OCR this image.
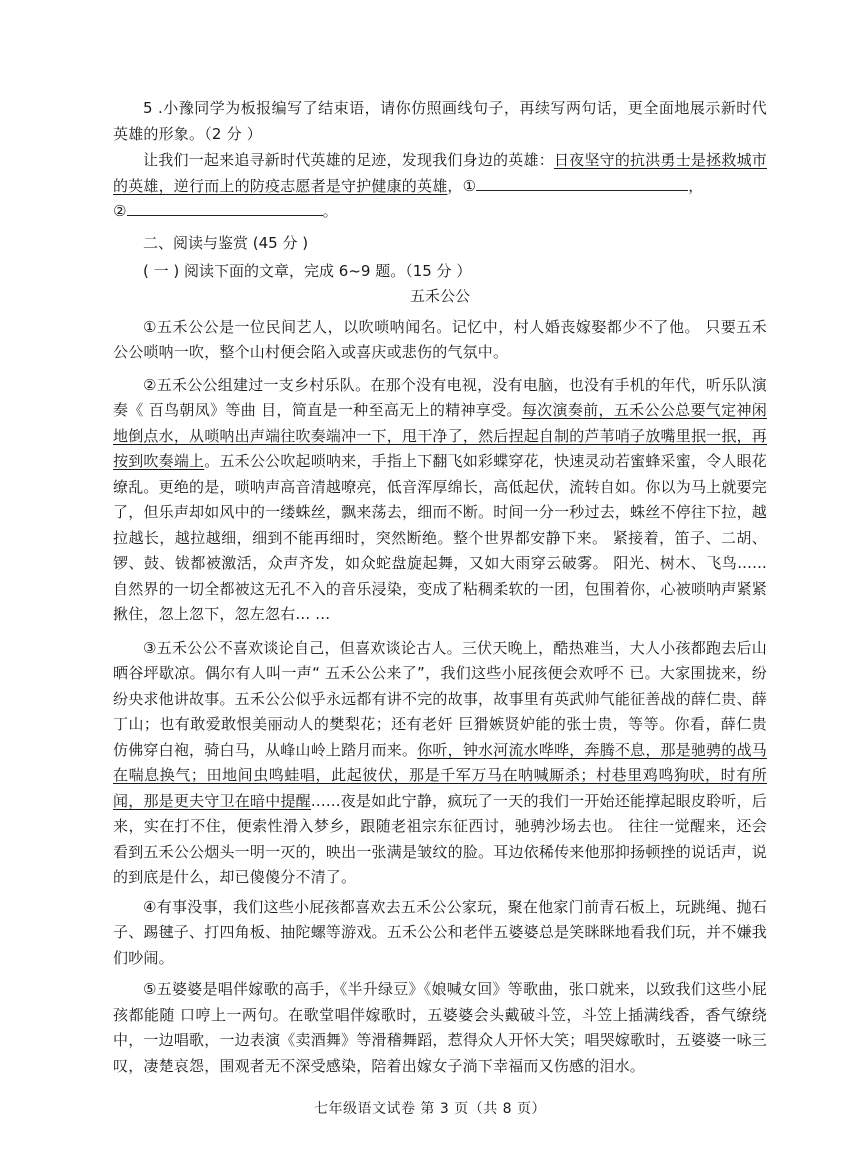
5 .小豫同学为板报编写了结束语，请你仿照画线句子，再续写两句话，更全面地展示新时代英雄的形象。（2 分 ）

让我们一起来追寻新时代英雄的足迹，发现我们身边的英雄：日夜坚守的抗洪勇士是拯救城市的英雄，逆行而上的防疫志愿者是守护健康的英雄，①	，

②	。

二、阅读与鉴赏 (45 分 )

( 一 ) 阅读下面的文章，完成 6~9 题。（15 分 ）

五禾公公

①五禾公公是一位民间艺人，以吹唢呐闻名。记忆中，村人婚丧嫁娶都少不了他。 只要五禾公公唢呐一吹，整个山村便会陷入或喜庆或悲伤的气氛中。

②五禾公公组建过一支乡村乐队。在那个没有电视，没有电脑，也没有手机的年代，听乐队演奏《 百鸟朝凤》等曲 目，简直是一种至高无上的精神享受。每次演奏前，五禾公公总要气定神闲地倒点水，从唢呐出声端往吹奏端冲一下，甩干净了，然后捏起自制的芦苇哨子放嘴里抿一抿，再按到吹奏端上。五禾公公吹起唢呐来，手指上下翻飞如彩蝶穿花，快速灵动若蜜蜂采蜜，令人眼花缭乱。更绝的是，唢呐声高音清越嘹亮，低音浑厚绵长，高低起伏，流转自如。你以为马上就要完了，但乐声却如风中的一缕蛛丝，飘来荡去，细而不断。时间一分一秒过去，蛛丝不停往下拉，越拉越长，越拉越细，细到不能再细时，突然断绝。整个世界都安静下来。 紧接着，笛子、二胡、锣、鼓、钹都被激活，众声齐发，如众蛇盘旋起舞，又如大雨穿云破雾。 阳光、树木、飞鸟...... 自然界的一切全都被这无孔不入的音乐浸染，变成了粘稠柔软的一团，包围着你，心被唢呐声紧紧揪住，忽上忽下，忽左忽右... ...

③五禾公公不喜欢谈论自己，但喜欢谈论古人。三伏天晚上，酷热难当，大人小孩都跑去后山晒谷坪歇凉。偶尔有人叫一声“ 五禾公公来了”，我们这些小屁孩便会欢呼不 已。大家围拢来，纷纷央求他讲故事。五禾公公似乎永远都有讲不完的故事，故事里有英武帅气能征善战的薛仁贵、薛丁山；也有敢爱敢恨美丽动人的樊梨花；还有老奸 巨猾嫉贤妒能的张士贵，等等。你看，薛仁贵仿佛穿白袍，骑白马，从峰山岭上踏月而来。你听，钟水河流水哗哗，奔腾不息，那是驰骋的战马在喘息换气；田地间虫鸣蛙唱，此起彼伏，那是千军万马在呐喊厮杀；村巷里鸡鸣狗吠，时有所闻，那是更夫守卫在暗中提醒......夜是如此宁静，疯玩了一天的我们一开始还能撑起眼皮聆听，后来，实在打不住，便索性滑入梦乡，跟随老祖宗东征西讨，驰骋沙场去也。 往往一觉醒来，还会看到五禾公公烟头一明一灭的，映出一张满是皱纹的脸。耳边依稀传来他那抑扬顿挫的说话声，说的到底是什么，却已傻傻分不清了。

④有事没事，我们这些小屁孩都喜欢去五禾公公家玩，聚在他家门前青石板上，玩跳绳、抛石子、踢毽子、打四角板、抽陀螺等游戏。五禾公公和老伴五婆婆总是笑眯眯地看我们玩，并不嫌我们吵闹。

⑤五婆婆是唱伴嫁歌的高手，《半升绿豆》《娘喊女回》等歌曲，张口就来，以致我们这些小屁孩都能随 口哼上一两句。在歌堂唱伴嫁歌时，五婆婆会头戴破斗笠，斗笠上插满线香，香气缭绕中，一边唱歌，一边表演《卖酒舞》等滑稽舞蹈，惹得众人开怀大笑；唱哭嫁歌时，五婆婆一咏三叹，凄楚哀怨，围观者无不深受感染，陪着出嫁女子淌下幸福而又伤感的泪水。

七年级语文试卷 第 3 页（共 8 页）
